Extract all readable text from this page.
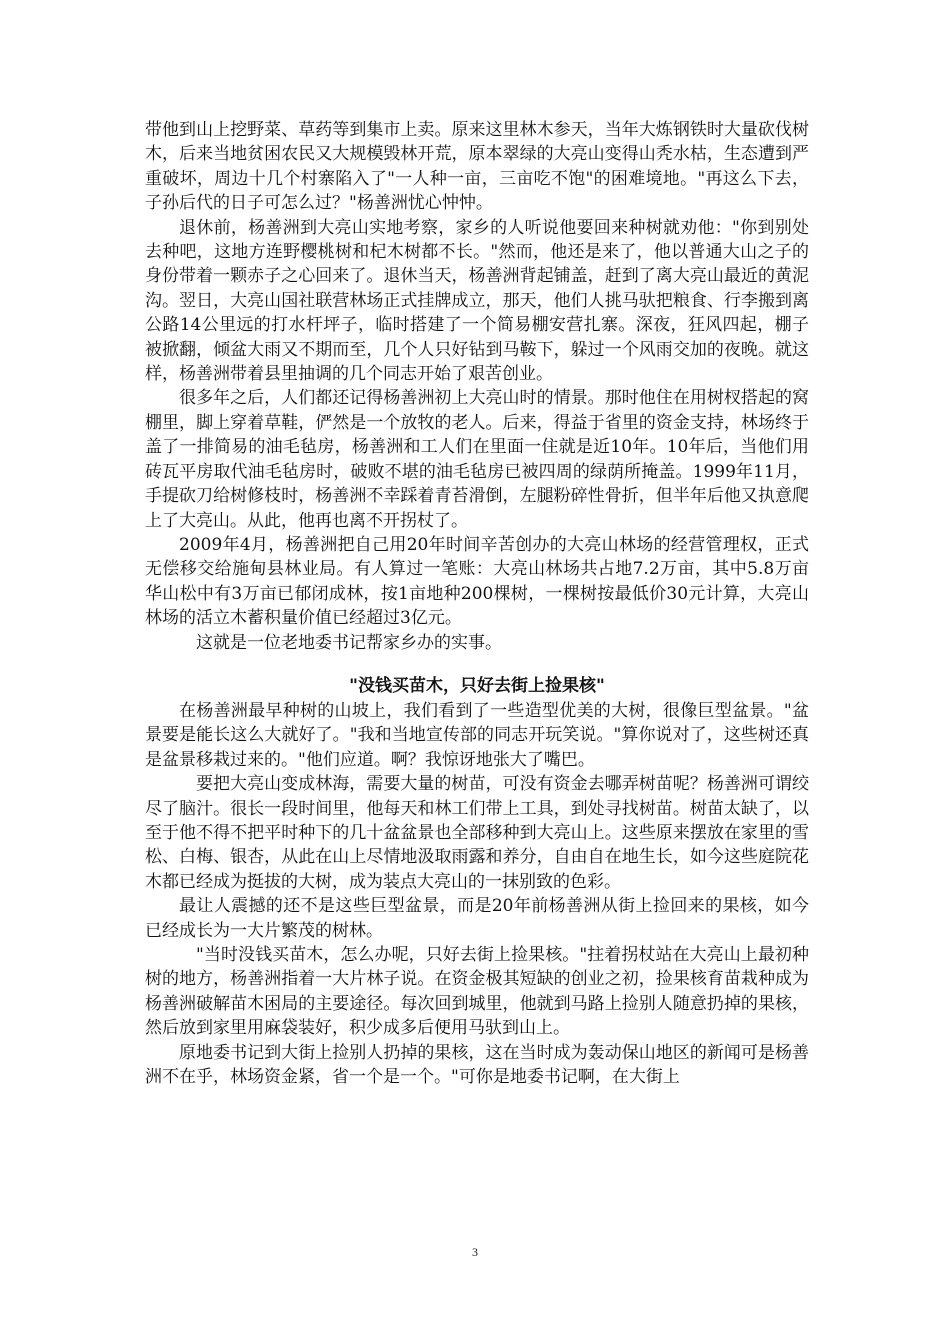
带他到山上挖野菜、草药等到集市上卖。原来这里林木参天，当年大炼钢铁时大量砍伐树木，后来当地贫困农民又大规模毁林开荒，原本翠绿的大亮山变得山秃水枯，生态遭到严重破坏，周边十几个村寨陷入了"一人种一亩，三亩吃不饱"的困难境地。"再这么下去，子孙后代的日子可怎么过？"杨善洲忧心忡忡。

退休前，杨善洲到大亮山实地考察，家乡的人听说他要回来种树就劝他："你到别处去种吧，这地方连野樱桃树和杞木树都不长。"然而，他还是来了，他以普通大山之子的身份带着一颗赤子之心回来了。退休当天，杨善洲背起铺盖，赶到了离大亮山最近的黄泥沟。翌日，大亮山国社联营林场正式挂牌成立，那天，他们人挑马驮把粮食、行李搬到离公路14公里远的打水杆坪子，临时搭建了一个简易棚安营扎寨。深夜，狂风四起，棚子被掀翻，倾盆大雨又不期而至，几个人只好钻到马鞍下，躲过一个风雨交加的夜晚。就这样，杨善洲带着县里抽调的几个同志开始了艰苦创业。

很多年之后，人们都还记得杨善洲初上大亮山时的情景。那时他住在用树杈搭起的窝棚里，脚上穿着草鞋，俨然是一个放牧的老人。后来，得益于省里的资金支持，林场终于盖了一排简易的油毛毡房，杨善洲和工人们在里面一住就是近10年。10年后，当他们用砖瓦平房取代油毛毡房时，破败不堪的油毛毡房已被四周的绿荫所掩盖。1999年11月，手提砍刀给树修枝时，杨善洲不幸踩着青苔滑倒，左腿粉碎性骨折，但半年后他又执意爬上了大亮山。从此，他再也离不开拐杖了。

2009年4月，杨善洲把自己用20年时间辛苦创办的大亮山林场的经营管理权，正式无偿移交给施甸县林业局。有人算过一笔账：大亮山林场共占地7.2万亩，其中5.8万亩华山松中有3万亩已郁闭成林，按1亩地种200棵树，一棵树按最低价30元计算，大亮山林场的活立木蓄积量价值已经超过3亿元。

这就是一位老地委书记帮家乡办的实事。

"没钱买苗木，只好去街上捡果核"

在杨善洲最早种树的山坡上，我们看到了一些造型优美的大树，很像巨型盆景。"盆景要是能长这么大就好了。"我和当地宣传部的同志开玩笑说。"算你说对了，这些树还真是盆景移栽过来的。"他们应道。啊？我惊讶地张大了嘴巴。

要把大亮山变成林海，需要大量的树苗，可没有资金去哪弄树苗呢？杨善洲可谓绞尽了脑汁。很长一段时间里，他每天和林工们带上工具，到处寻找树苗。树苗太缺了，以至于他不得不把平时种下的几十盆盆景也全部移种到大亮山上。这些原来摆放在家里的雪松、白梅、银杏，从此在山上尽情地汲取雨露和养分，自由自在地生长，如今这些庭院花木都已经成为挺拔的大树，成为装点大亮山的一抹别致的色彩。

最让人震撼的还不是这些巨型盆景，而是20年前杨善洲从街上捡回来的果核，如今已经成长为一大片繁茂的树林。

"当时没钱买苗木，怎么办呢，只好去街上捡果核。"拄着拐杖站在大亮山上最初种树的地方，杨善洲指着一大片林子说。在资金极其短缺的创业之初，捡果核育苗栽种成为杨善洲破解苗木困局的主要途径。每次回到城里，他就到马路上捡别人随意扔掉的果核，然后放到家里用麻袋装好，积少成多后便用马驮到山上。

原地委书记到大街上捡别人扔掉的果核，这在当时成为轰动保山地区的新闻可是杨善洲不在乎，林场资金紧，省一个是一个。"可你是地委书记啊，在大街上

3
